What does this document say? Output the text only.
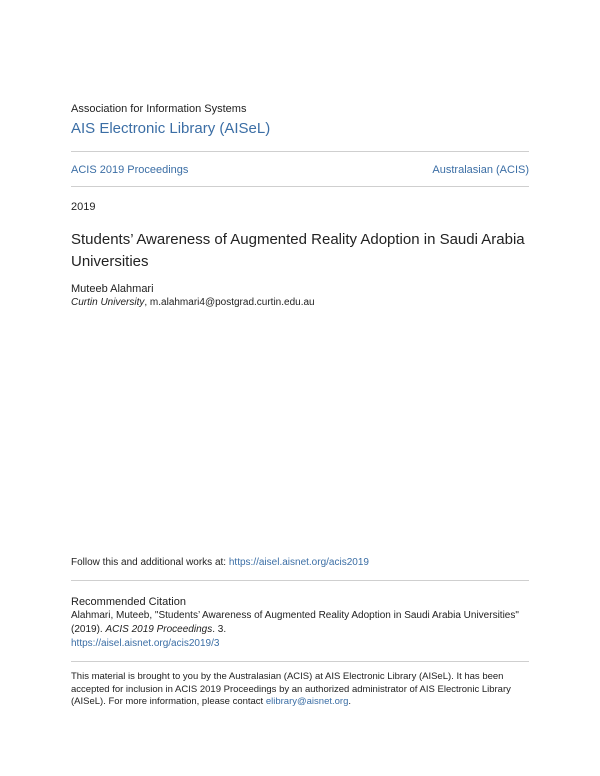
Association for Information Systems
AIS Electronic Library (AISeL)
ACIS 2019 Proceedings	Australasian (ACIS)
2019
Students’ Awareness of Augmented Reality Adoption in Saudi Arabia Universities
Muteeb Alahmari
Curtin University, m.alahmari4@postgrad.curtin.edu.au
Follow this and additional works at: https://aisel.aisnet.org/acis2019
Recommended Citation
Alahmari, Muteeb, "Students’ Awareness of Augmented Reality Adoption in Saudi Arabia Universities"
(2019). ACIS 2019 Proceedings. 3.
https://aisel.aisnet.org/acis2019/3
This material is brought to you by the Australasian (ACIS) at AIS Electronic Library (AISeL). It has been accepted for inclusion in ACIS 2019 Proceedings by an authorized administrator of AIS Electronic Library (AISeL). For more information, please contact elibrary@aisnet.org.
